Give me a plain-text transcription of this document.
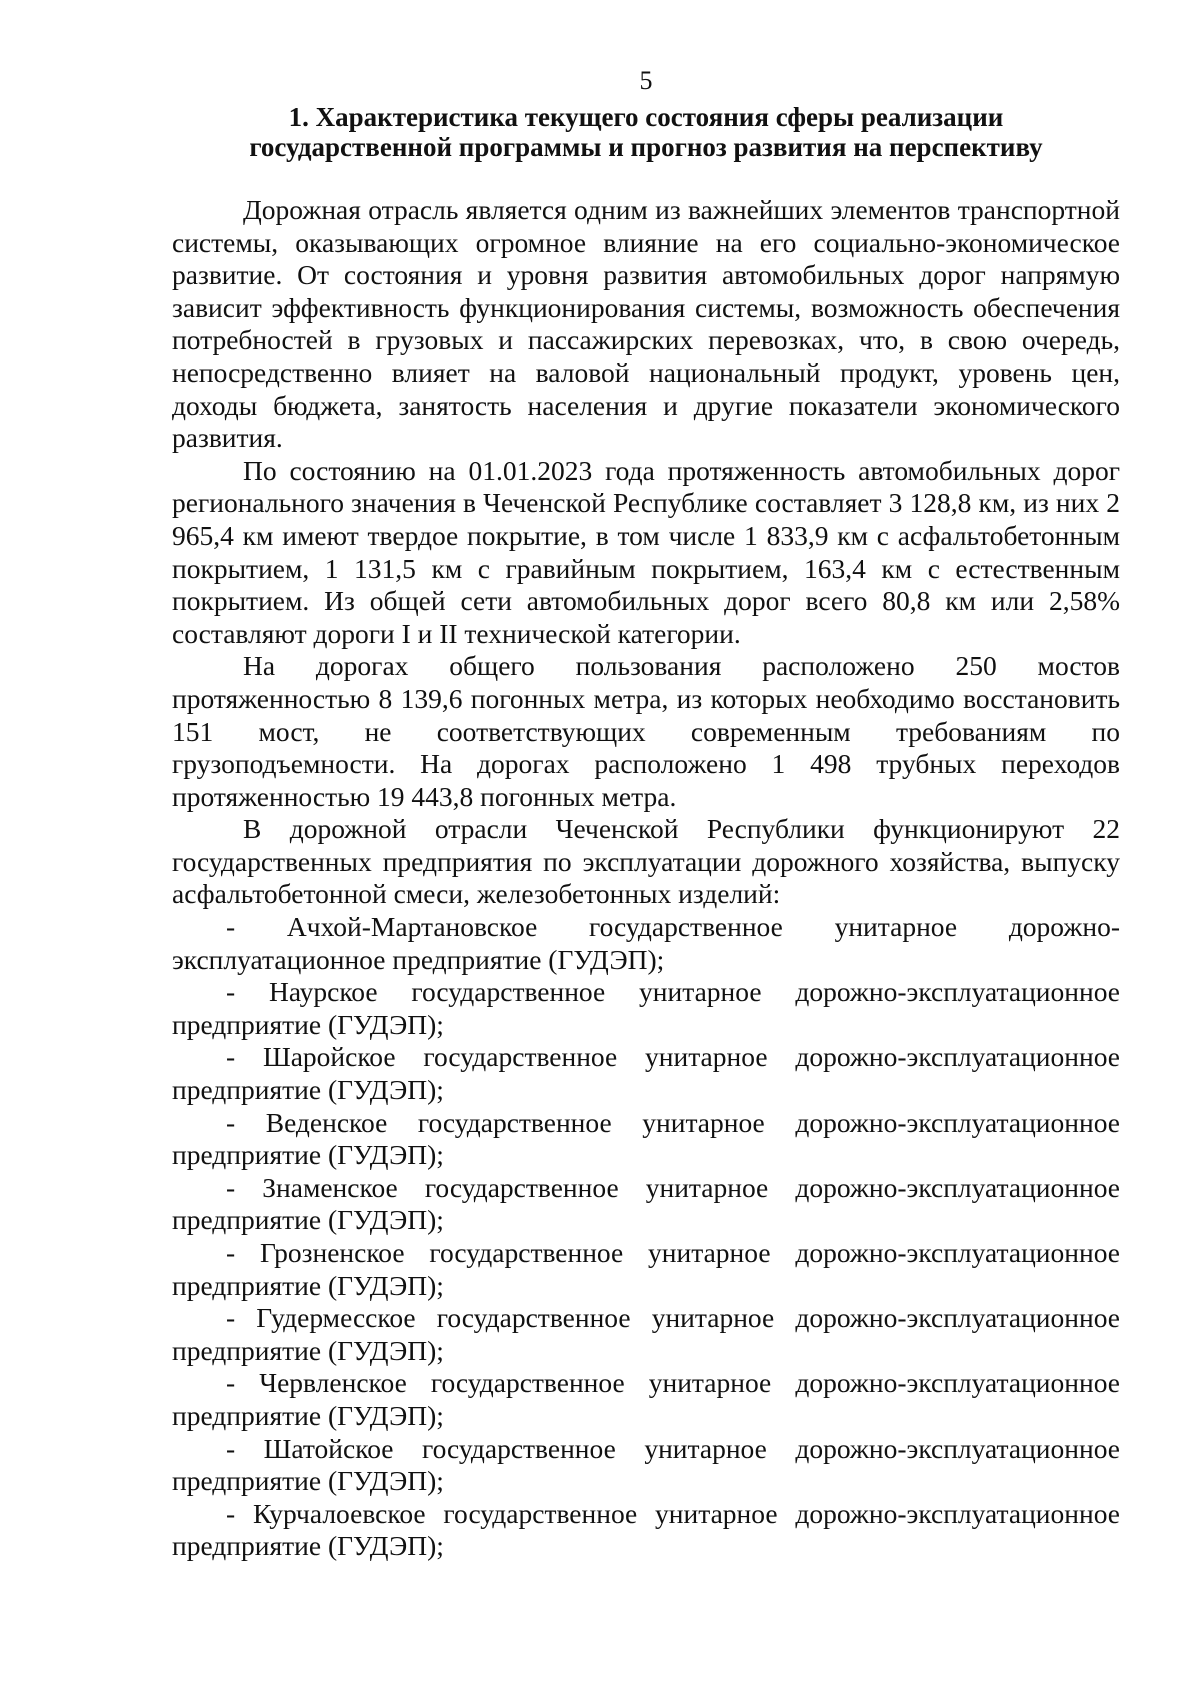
5
1. Характеристика текущего состояния сферы реализации
государственной программы и прогноз развития на перспективу

Дорожная отрасль является одним из важнейших элементов транспортной системы, оказывающих огромное влияние на его социально-экономическое развитие. От состояния и уровня развития автомобильных дорог напрямую зависит эффективность функционирования системы, возможность обеспечения потребностей в грузовых и пассажирских перевозках, что, в свою очередь, непосредственно влияет на валовой национальный продукт, уровень цен, доходы бюджета, занятость населения и другие показатели экономического развития.

По состоянию на 01.01.2023 года протяженность автомобильных дорог регионального значения в Чеченской Республике составляет 3 128,8 км, из них 2 965,4 км имеют твердое покрытие, в том числе 1 833,9 км с асфальтобетонным покрытием, 1 131,5 км с гравийным покрытием, 163,4 км с естественным покрытием. Из общей сети автомобильных дорог всего 80,8 км или 2,58% составляют дороги I и II технической категории.

На дорогах общего пользования расположено 250 мостов протяженностью 8 139,6 погонных метра, из которых необходимо восстановить 151 мост, не соответствующих современным требованиям по грузоподъемности. На дорогах расположено 1 498 трубных переходов протяженностью 19 443,8 погонных метра.

В дорожной отрасли Чеченской Республики функционируют 22 государственных предприятия по эксплуатации дорожного хозяйства, выпуску асфальтобетонной смеси, железобетонных изделий:

- Ачхой-Мартановское государственное унитарное дорожно-эксплуатационное предприятие (ГУДЭП);

- Наурское государственное унитарное дорожно-эксплуатационное предприятие (ГУДЭП);

- Шаройское государственное унитарное дорожно-эксплуатационное предприятие (ГУДЭП);

- Веденское государственное унитарное дорожно-эксплуатационное предприятие (ГУДЭП);

- Знаменское государственное унитарное дорожно-эксплуатационное предприятие (ГУДЭП);

- Грозненское государственное унитарное дорожно-эксплуатационное предприятие (ГУДЭП);

- Гудермесское государственное унитарное дорожно-эксплуатационное предприятие (ГУДЭП);

- Червленское государственное унитарное дорожно-эксплуатационное предприятие (ГУДЭП);

- Шатойское государственное унитарное дорожно-эксплуатационное предприятие (ГУДЭП);

- Курчалоевское государственное унитарное дорожно-эксплуатационное предприятие (ГУДЭП);
